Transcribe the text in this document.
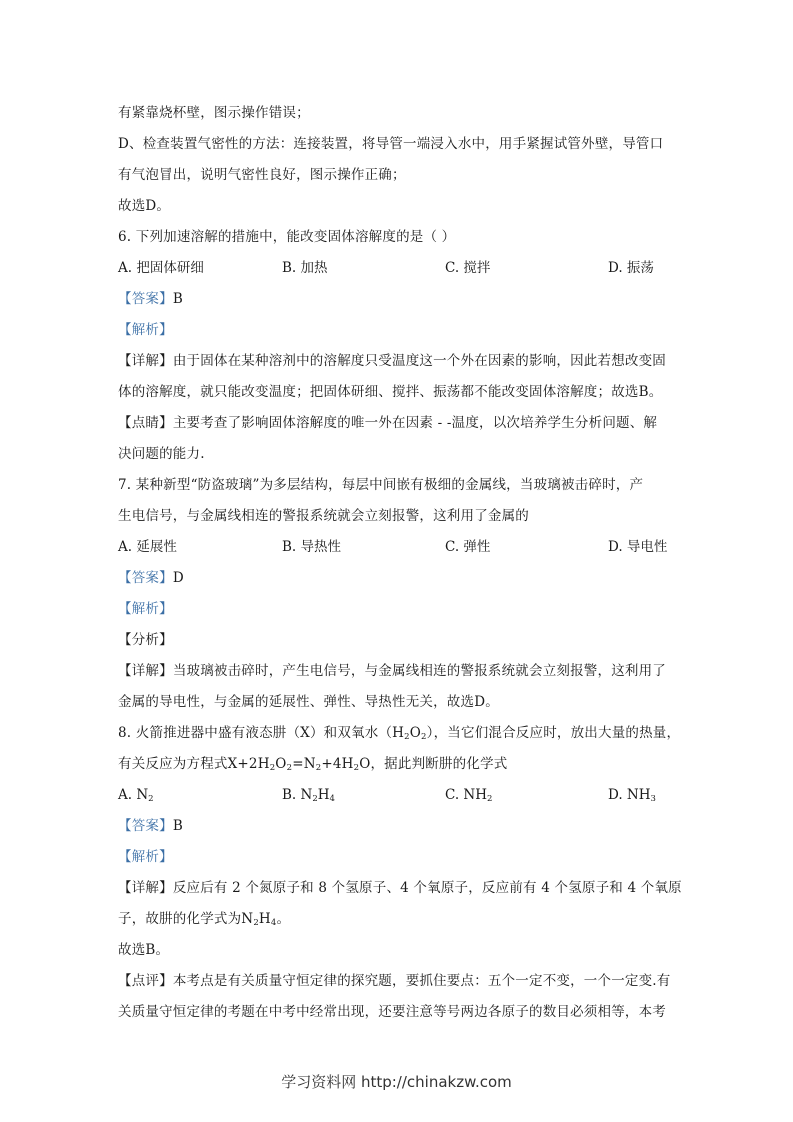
有紧靠烧杯壁，图示操作错误；
D、检查装置气密性的方法：连接装置，将导管一端浸入水中，用手紧握试管外壁，导管口
有气泡冒出，说明气密性良好，图示操作正确；
故选D。
6. 下列加速溶解的措施中，能改变固体溶解度的是（ ）
A. 把固体研细	B. 加热	C. 搅拌	D. 振荡
【答案】B
【解析】
【详解】由于固体在某种溶剂中的溶解度只受温度这一个外在因素的影响，因此若想改变固
体的溶解度，就只能改变温度；把固体研细、搅拌、振荡都不能改变固体溶解度；故选B。
【点睛】主要考查了影响固体溶解度的唯一外在因素 - -温度，以次培养学生分析问题、解
决问题的能力.
7. 某种新型“防盗玻璃”为多层结构，每层中间嵌有极细的金属线，当玻璃被击碎时，产
生电信号，与金属线相连的警报系统就会立刻报警，这利用了金属的
A. 延展性	B. 导热性	C. 弹性	D. 导电性
【答案】D
【解析】
【分析】
【详解】当玻璃被击碎时，产生电信号，与金属线相连的警报系统就会立刻报警，这利用了
金属的导电性，与金属的延展性、弹性、导热性无关，故选D。
8. 火箭推进器中盛有液态肼（X）和双氧水$(H_2O_2)$，当它们混合反应时，放出大量的热量，
有关反应为方程式$X+2H_2O_2=N_2+4H_2O$，据此判断肼的化学式
A. $N_2$	B. $N_2H_4$	C. $NH_2$	D. $NH_3$
【答案】B
【解析】
【详解】反应后有 2 个氮原子和 8 个氢原子、4 个氧原子，反应前有 4 个氢原子和 4 个氧原
子，故肼的化学式为$N_2H_4$。
故选B。
【点评】本考点是有关质量守恒定律的探究题，要抓住要点：五个一定不变，一个一定变.有
关质量守恒定律的考题在中考中经常出现，还要注意等号两边各原子的数目必须相等，本考
学习资料网 http://chinakzw.com
